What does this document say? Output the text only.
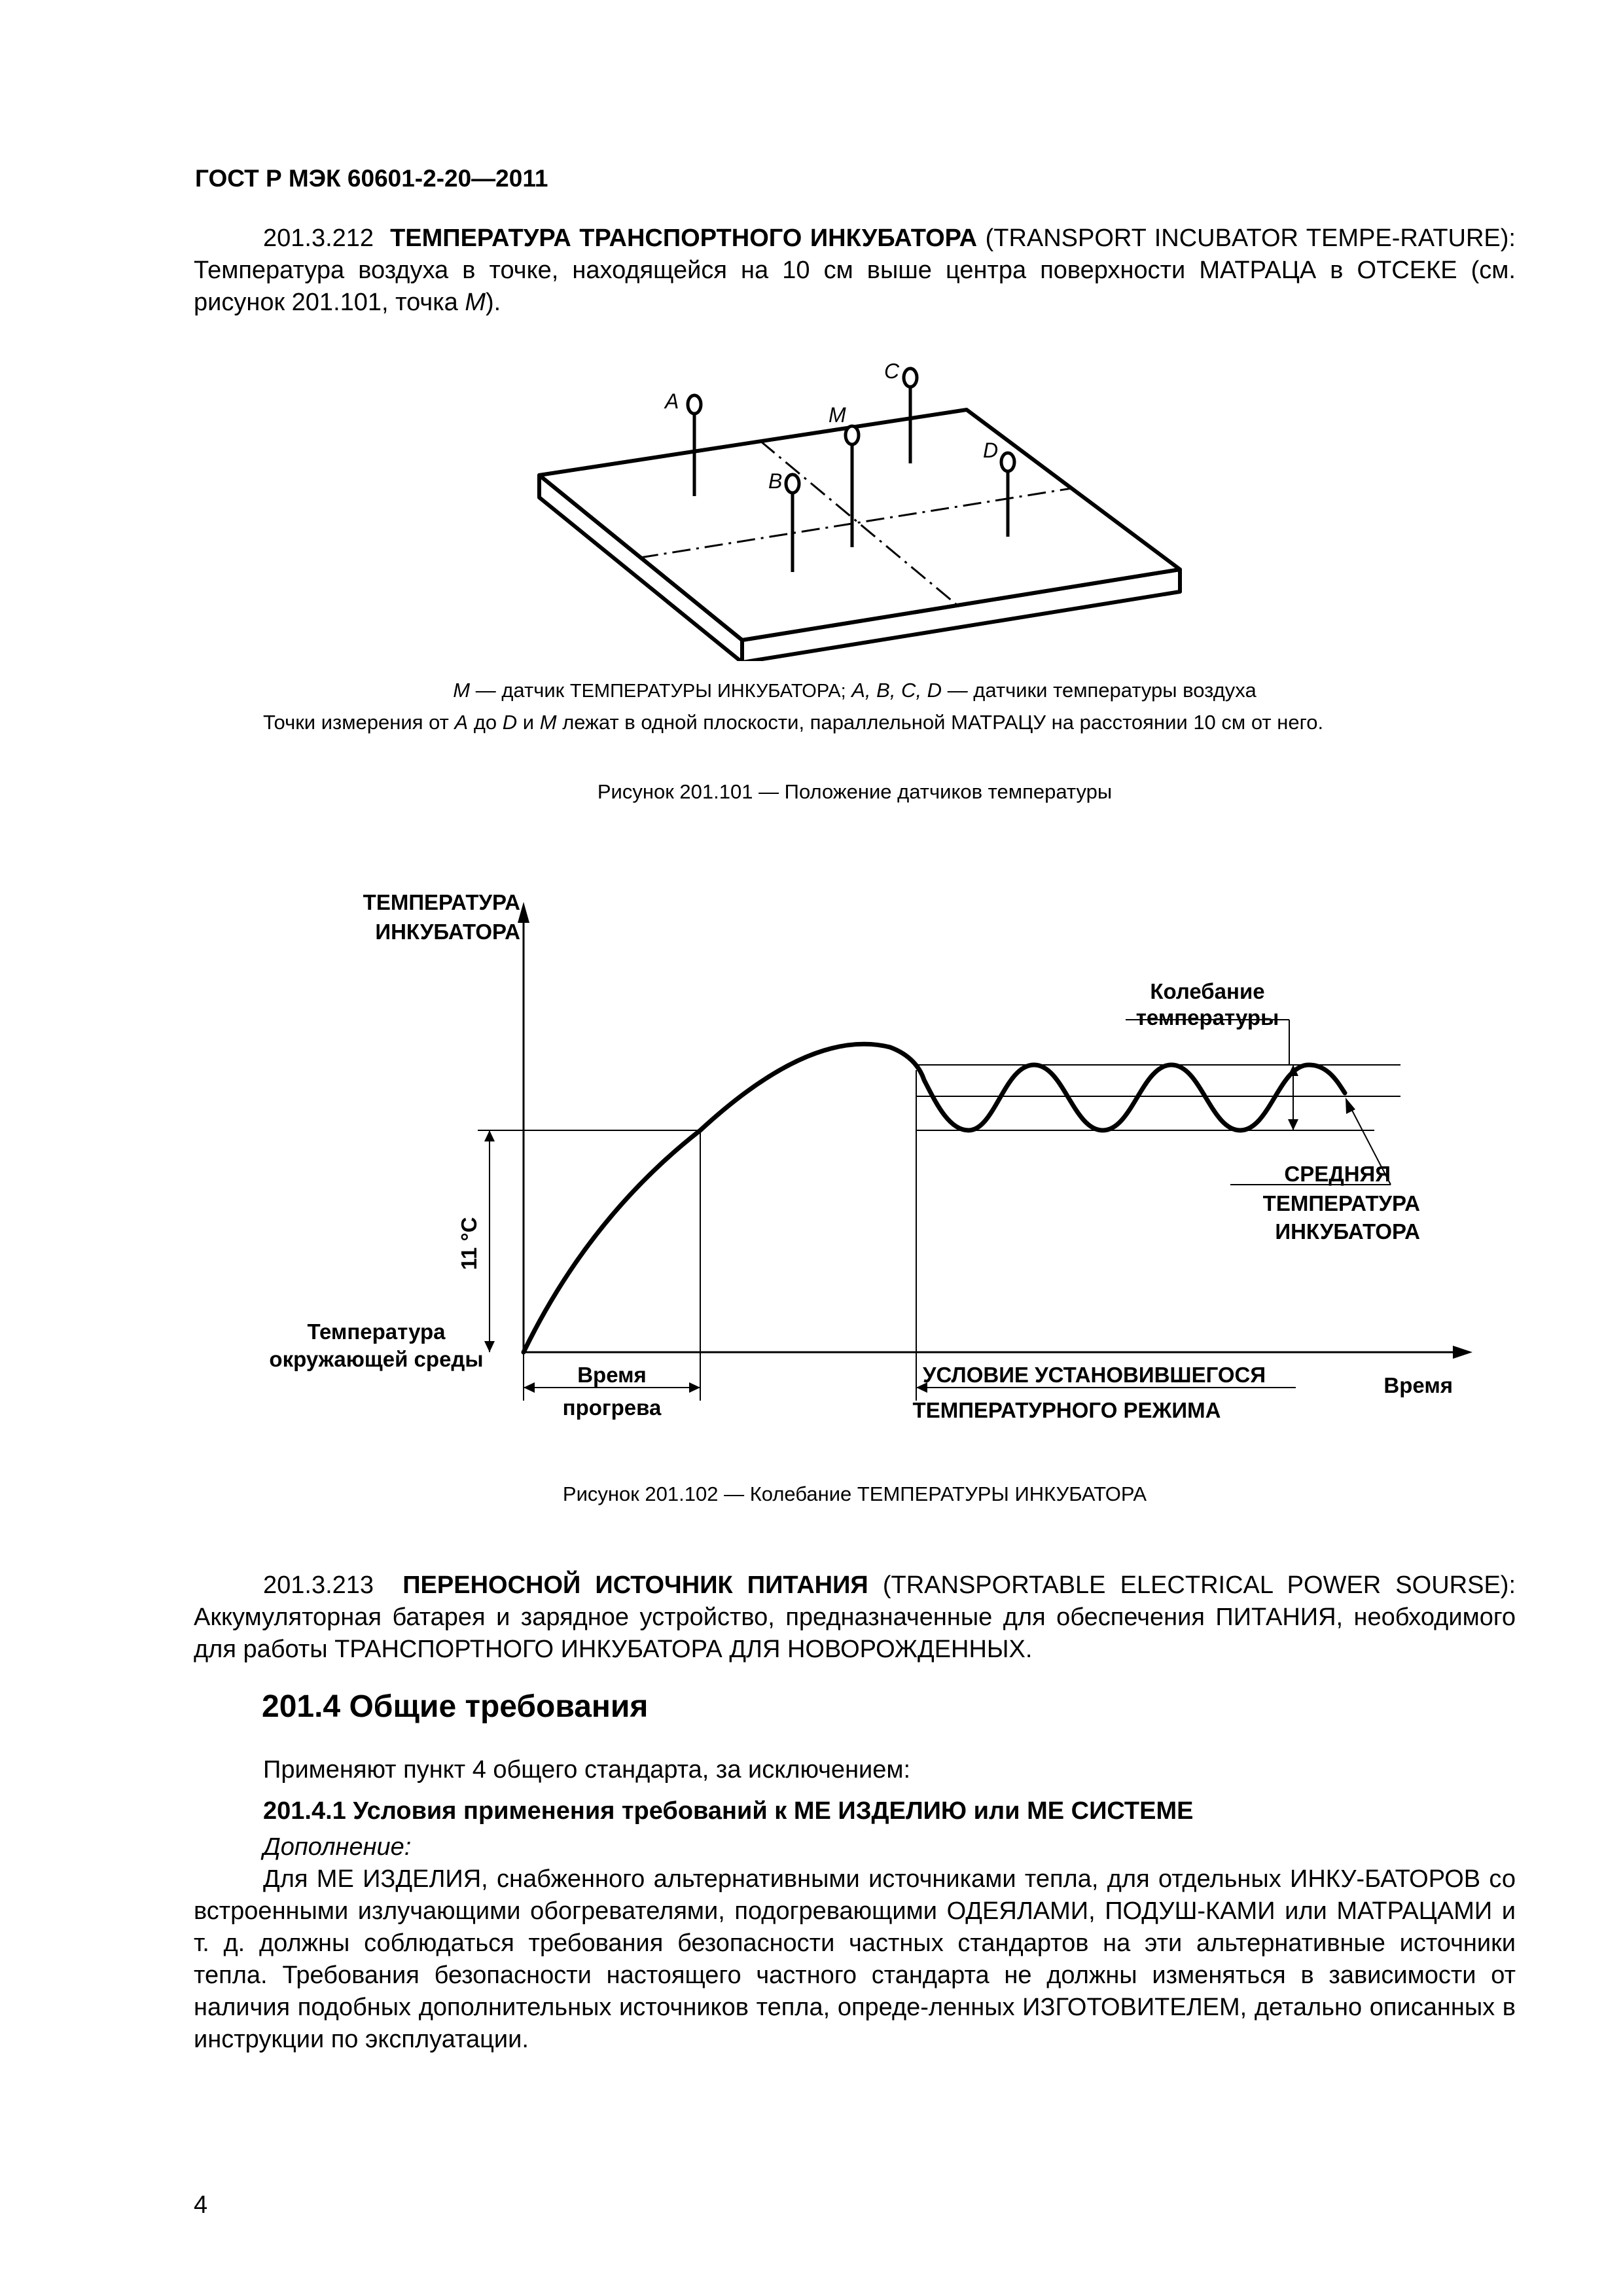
ГОСТ Р МЭК 60601-2-20—2011

201.3.212 ТЕМПЕРАТУРА ТРАНСПОРТНОГО ИНКУБАТОРА (TRANSPORT INCUBATOR TEMPE-RATURE): Температура воздуха в точке, находящейся на 10 см выше центра поверхности МАТРАЦА в ОТСЕКЕ (см. рисунок 201.101, точка M).

A
M
C
B
D
M — датчик ТЕМПЕРАТУРЫ ИНКУБАТОРА; A, B, C, D — датчики температуры воздуха

Точки измерения от A до D и M лежат в одной плоскости, параллельной МАТРАЦУ на расстоянии 10 см от него.

Рисунок 201.101 — Положение датчиков температуры
ТЕМПЕРАТУРА
ИНКУБАТОРА
Время
Температура
окружающей среды
11 °C
Колебание
температуры
СРЕДНЯЯ
ТЕМПЕРАТУРА
ИНКУБАТОРА
Время
прогрева
УСЛОВИЕ УСТАНОВИВШЕГОСЯ
ТЕМПЕРАТУРНОГО РЕЖИМА
Рисунок 201.102 — Колебание ТЕМПЕРАТУРЫ ИНКУБАТОРА

201.3.213 ПЕРЕНОСНОЙ ИСТОЧНИК ПИТАНИЯ (TRANSPORTABLE ELECTRICAL POWER SOURSE): Аккумуляторная батарея и зарядное устройство, предназначенные для обеспечения ПИТАНИЯ, необходимого для работы ТРАНСПОРТНОГО ИНКУБАТОРА ДЛЯ НОВОРОЖДЕННЫХ.

201.4 Общие требования

Применяют пункт 4 общего стандарта, за исключением:

201.4.1 Условия применения требований к МЕ ИЗДЕЛИЮ или МЕ СИСТЕМЕ

Дополнение:

Для МЕ ИЗДЕЛИЯ, снабженного альтернативными источниками тепла, для отдельных ИНКУ-БАТОРОВ со встроенными излучающими обогревателями, подогревающими ОДЕЯЛАМИ, ПОДУШ-КАМИ или МАТРАЦАМИ и т. д. должны соблюдаться требования безопасности частных стандартов на эти альтернативные источники тепла. Требования безопасности настоящего частного стандарта не должны изменяться в зависимости от наличия подобных дополнительных источников тепла, опреде-ленных ИЗГОТОВИТЕЛЕМ, детально описанных в инструкции по эксплуатации.

4
